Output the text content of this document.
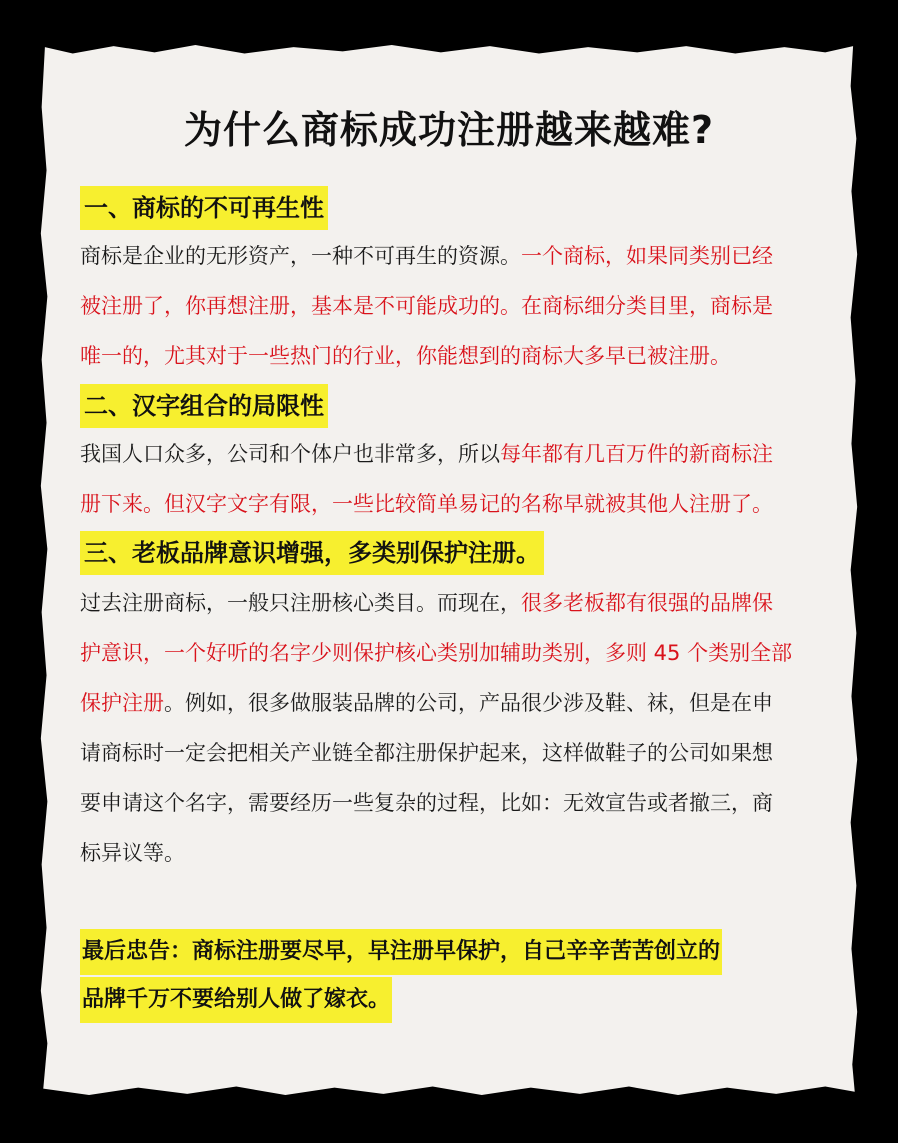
为什么商标成功注册越来越难?
一、商标的不可再生性
商标是企业的无形资产，一种不可再生的资源。一个商标，如果同类别已经
被注册了，你再想注册，基本是不可能成功的。在商标细分类目里，商标是
唯一的，尤其对于一些热门的行业，你能想到的商标大多早已被注册。
二、汉字组合的局限性
我国人口众多，公司和个体户也非常多，所以每年都有几百万件的新商标注
册下来。但汉字文字有限，一些比较简单易记的名称早就被其他人注册了。
三、老板品牌意识增强，多类别保护注册。
过去注册商标，一般只注册核心类目。而现在，很多老板都有很强的品牌保
护意识，一个好听的名字少则保护核心类别加辅助类别，多则 45 个类别全部
保护注册。例如，很多做服装品牌的公司，产品很少涉及鞋、袜，但是在申
请商标时一定会把相关产业链全都注册保护起来，这样做鞋子的公司如果想
要申请这个名字，需要经历一些复杂的过程，比如：无效宣告或者撤三，商
标异议等。
最后忠告：商标注册要尽早，早注册早保护，自己辛辛苦苦创立的
品牌千万不要给别人做了嫁衣。
